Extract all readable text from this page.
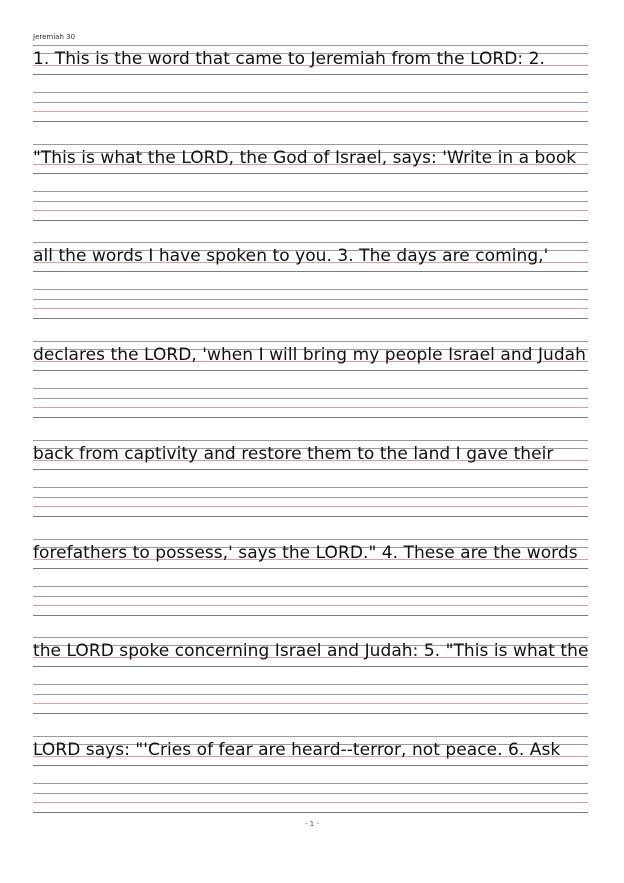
Jeremiah 30
1. This is the word that came to Jeremiah from the LORD: 2.
"This is what the LORD, the God of Israel, says: 'Write in a book
all the words I have spoken to you. 3. The days are coming,'
declares the LORD, 'when I will bring my people Israel and Judah
back from captivity and restore them to the land I gave their
forefathers to possess,' says the LORD." 4. These are the words
the LORD spoke concerning Israel and Judah: 5. "This is what the
LORD says: "'Cries of fear are heard--terror, not peace. 6. Ask
- 1 -
